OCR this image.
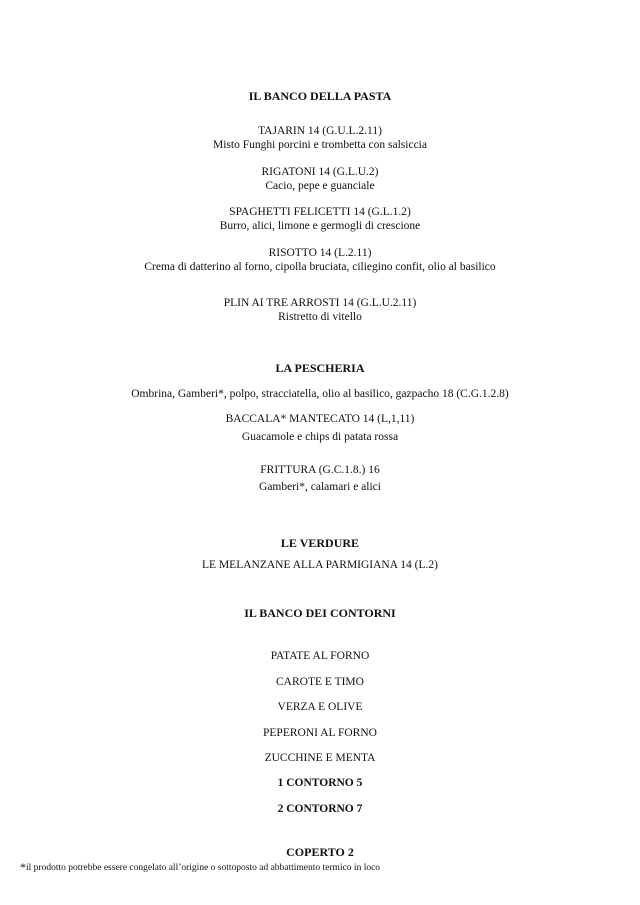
IL BANCO DELLA PASTA
TAJARIN 14 (G.U.L.2.11)
Misto Funghi porcini e trombetta con salsiccia
RIGATONI 14 (G.L.U.2)
Cacio, pepe e guanciale
SPAGHETTI FELICETTI 14 (G.L.1.2)
Burro, alici, limone e germogli di crescione
RISOTTO 14 (L.2.11)
Crema di datterino al forno, cipolla bruciata, ciliegino confit, olio al basilico
PLIN AI TRE ARROSTI 14 (G.L.U.2.11)
Ristretto di vitello
LA PESCHERIA
Ombrina, Gamberi*, polpo, stracciatella, olio al basilico, gazpacho 18 (C.G.1.2.8)
BACCALA* MANTECATO 14 (L,1,11)
Guacamole e chips di patata rossa
FRITTURA (G.C.1.8.) 16
Gamberi*, calamari e alici
LE VERDURE
LE MELANZANE ALLA PARMIGIANA 14 (L.2)
IL BANCO DEI CONTORNI
PATATE AL FORNO
CAROTE E TIMO
VERZA E OLIVE
PEPERONI AL FORNO
ZUCCHINE E MENTA
1 CONTORNO 5
2 CONTORNO 7
COPERTO 2
*il prodotto potrebbe essere congelato all’origine o sottoposto ad abbattimento termico in loco
